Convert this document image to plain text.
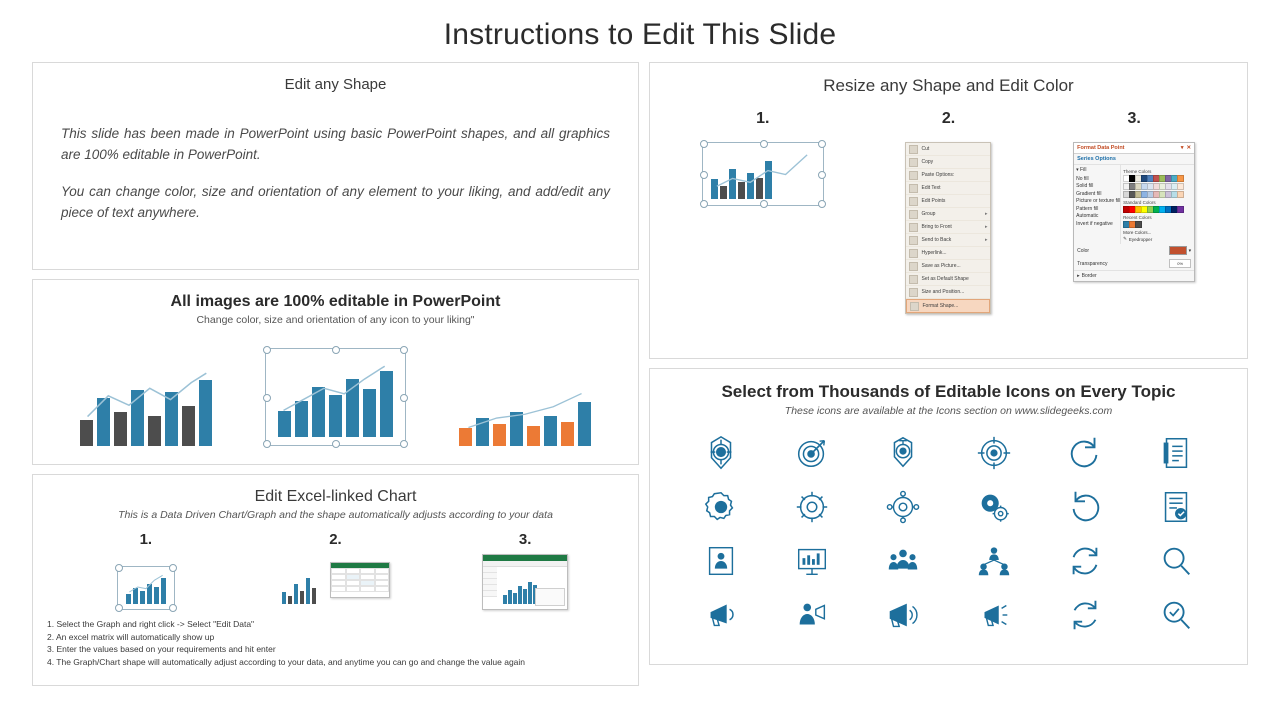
Instructions to Edit This Slide
Edit any Shape

This slide has been made in PowerPoint using basic PowerPoint shapes, and all graphics are 100% editable in PowerPoint.

You can change color, size and orientation of any element to your liking, and add/edit any piece of text anywhere.

All images are 100% editable in PowerPoint
Change color, size and orientation of any icon to your liking"
Edit Excel-linked Chart
This is a Data Driven Chart/Graph and the shape automatically adjusts according to your data
1.	2.	3.
1. Select the Graph and right click -> Select "Edit Data"
2. An excel matrix will automatically show up
3. Enter the values based on your requirements and hit enter
4. The Graph/Chart shape will automatically adjust according to your data, and anytime you can go and change the value again
Resize any Shape and Edit Color
1.	2.
Cut
Copy
Paste Options:
Edit Text
Edit Points
Group	▸
Bring to Front	▸
Send to Back	▸
Hyperlink...
Save as Picture...
Set as Default Shape
Size and Position...
Format Shape...
3.
Format Data Point	▾ ✕
Series Options
▾ Fill
No fill
Solid fill
Gradient fill
Picture or texture fill
Pattern fill
Automatic
Invert if negative
Theme Colors
Standard Colors
Recent Colors
More Colors...
✎ Eyedropper
Color	▾
Transparency	0%
▸ Border
Select from Thousands of Editable Icons on Every Topic
These icons are available at the Icons section on www.slidegeeks.com
